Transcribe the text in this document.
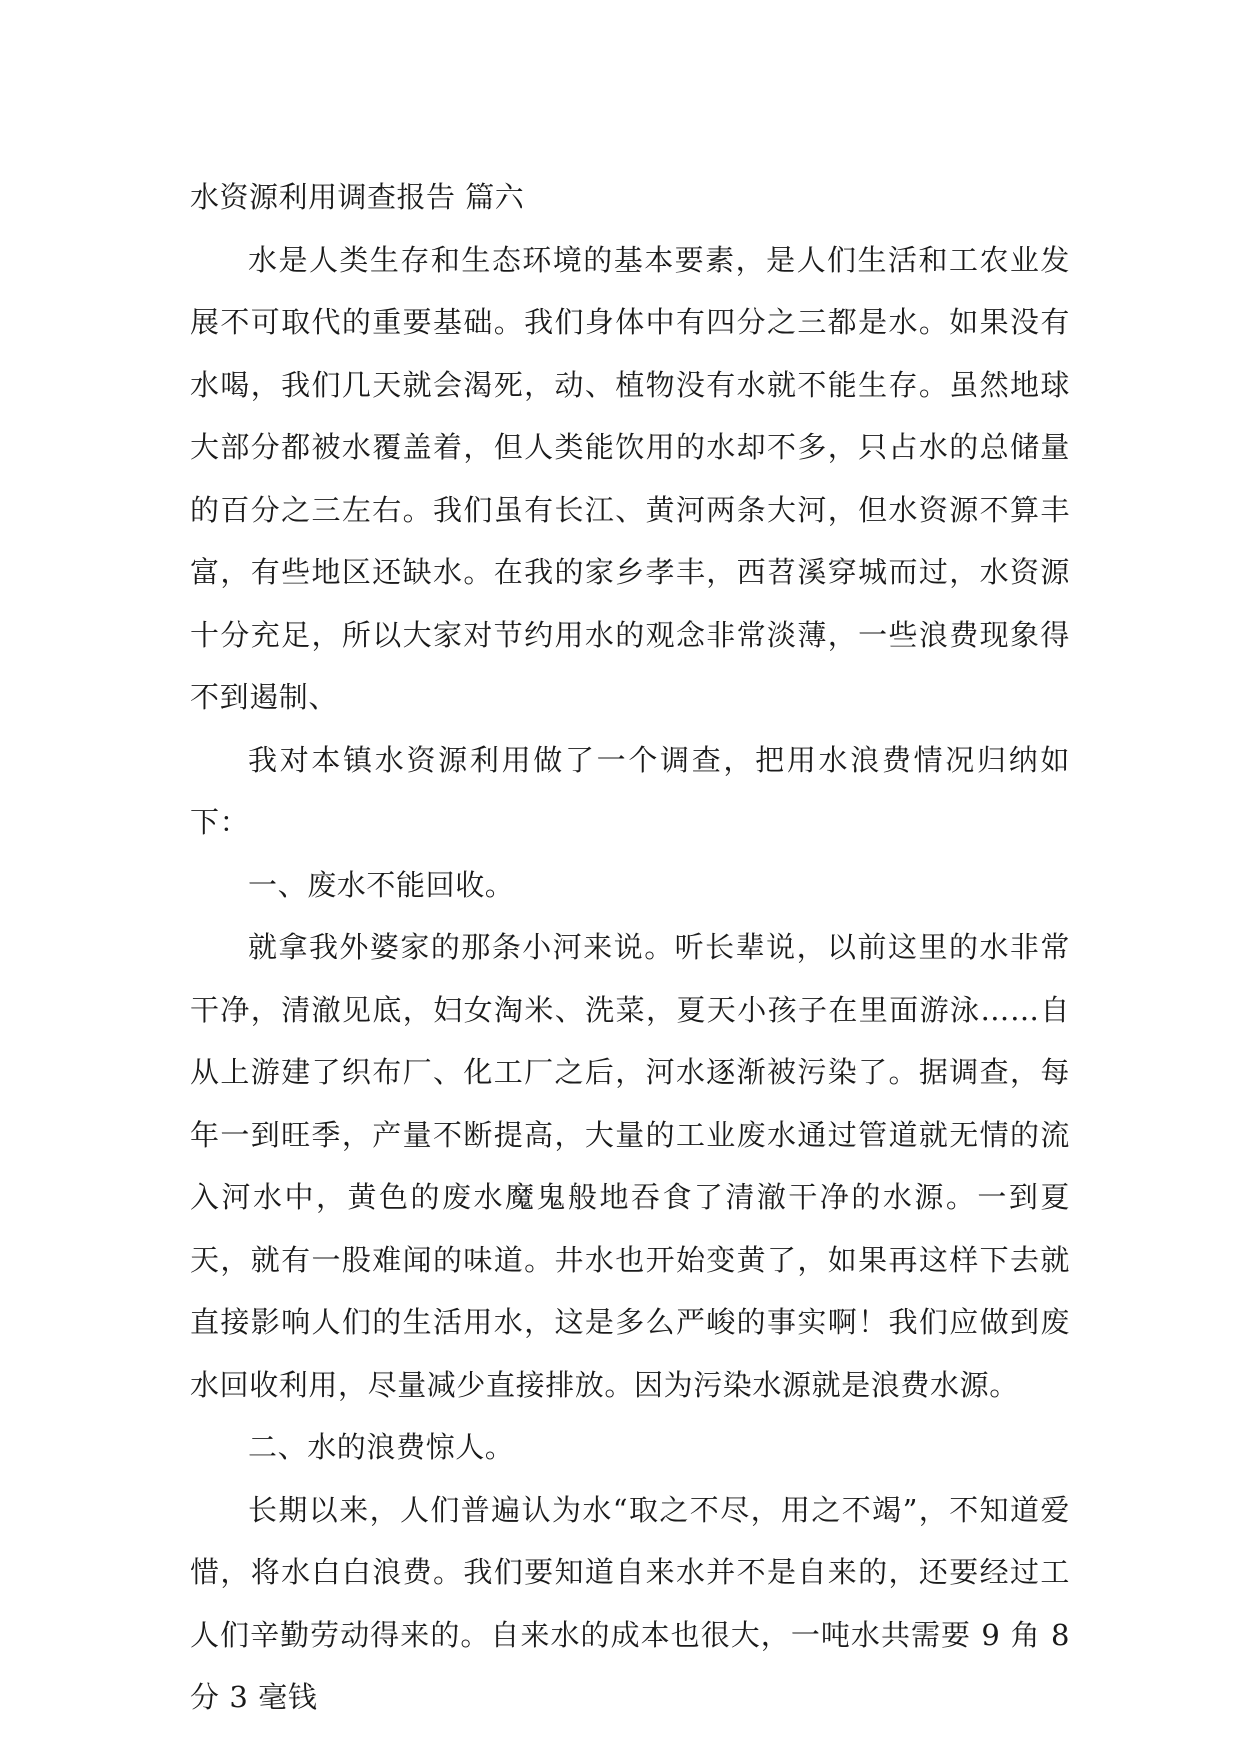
水资源利用调查报告 篇六

水是人类生存和生态环境的基本要素，是人们生活和工农业发展不可取代的重要基础。我们身体中有四分之三都是水。如果没有水喝，我们几天就会渴死，动、植物没有水就不能生存。虽然地球大部分都被水覆盖着，但人类能饮用的水却不多，只占水的总储量的百分之三左右。我们虽有长江、黄河两条大河，但水资源不算丰富，有些地区还缺水。在我的家乡孝丰，西苕溪穿城而过，水资源十分充足，所以大家对节约用水的观念非常淡薄，一些浪费现象得不到遏制、

我对本镇水资源利用做了一个调查，把用水浪费情况归纳如下：

一、废水不能回收。

就拿我外婆家的那条小河来说。听长辈说，以前这里的水非常干净，清澈见底，妇女淘米、洗菜，夏天小孩子在里面游泳……自从上游建了织布厂、化工厂之后，河水逐渐被污染了。据调查，每年一到旺季，产量不断提高，大量的工业废水通过管道就无情的流入河水中，黄色的废水魔鬼般地吞食了清澈干净的水源。一到夏天，就有一股难闻的味道。井水也开始变黄了，如果再这样下去就直接影响人们的生活用水，这是多么严峻的事实啊！我们应做到废水回收利用，尽量减少直接排放。因为污染水源就是浪费水源。

二、水的浪费惊人。

长期以来，人们普遍认为水“取之不尽，用之不竭”，不知道爱惜，将水白白浪费。我们要知道自来水并不是自来的，还要经过工人们辛勤劳动得来的。自来水的成本也很大，一吨水共需要 9 角 8 分 3 毫钱
